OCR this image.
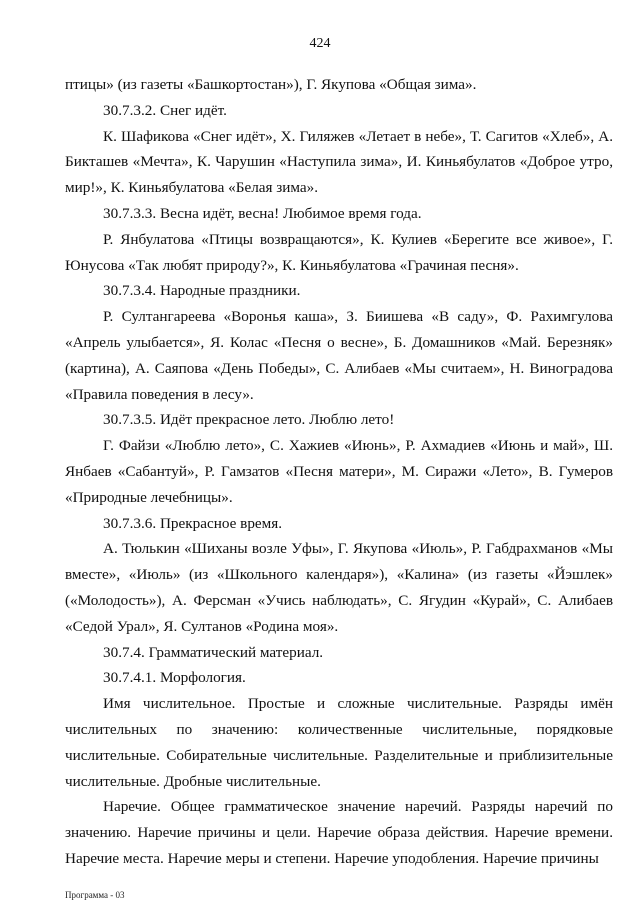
424

птицы» (из газеты «Башкортостан»), Г. Якупова «Общая зима».

30.7.3.2. Снег идёт.

К. Шафикова «Снег идёт», Х. Гиляжев «Летает в небе», Т. Сагитов «Хлеб», А. Бикташев «Мечта», К. Чарушин «Наступила зима», И. Киньябулатов «Доброе утро, мир!», К. Киньябулатова «Белая зима».

30.7.3.3. Весна идёт, весна! Любимое время года.

Р. Янбулатова «Птицы возвращаются», К. Кулиев «Берегите все живое», Г. Юнусова «Так любят природу?», К. Киньябулатова «Грачиная песня».

30.7.3.4. Народные праздники.

Р. Султангареева «Воронья каша», З. Биишева «В саду», Ф. Рахимгулова «Апрель улыбается», Я. Колас «Песня о весне», Б. Домашников «Май. Березняк» (картина), А. Саяпова «День Победы», С. Алибаев «Мы считаем», Н. Виноградова «Правила поведения в лесу».

30.7.3.5. Идёт прекрасное лето. Люблю лето!

Г. Файзи «Люблю лето», С. Хажиев «Июнь», Р. Ахмадиев «Июнь и май», Ш. Янбаев «Сабантуй», Р. Гамзатов «Песня матери», М. Сиражи «Лето», В. Гумеров «Природные лечебницы».

30.7.3.6. Прекрасное время.

А. Тюлькин «Шиханы возле Уфы», Г. Якупова «Июль», Р. Габдрахманов «Мы вместе», «Июль» (из «Школьного календаря»), «Калина» (из газеты «Йэшлек» («Молодость»), А. Ферсман «Учись наблюдать», С. Ягудин «Курай», С. Алибаев «Седой Урал», Я. Султанов «Родина моя».

30.7.4. Грамматический материал.

30.7.4.1. Морфология.

Имя числительное. Простые и сложные числительные. Разряды имён числительных по значению: количественные числительные, порядковые числительные. Собирательные числительные. Разделительные и приблизительные числительные. Дробные числительные.

Наречие. Общее грамматическое значение наречий. Разряды наречий по значению. Наречие причины и цели. Наречие образа действия. Наречие времени. Наречие места. Наречие меры и степени. Наречие уподобления. Наречие причины

Программа - 03
